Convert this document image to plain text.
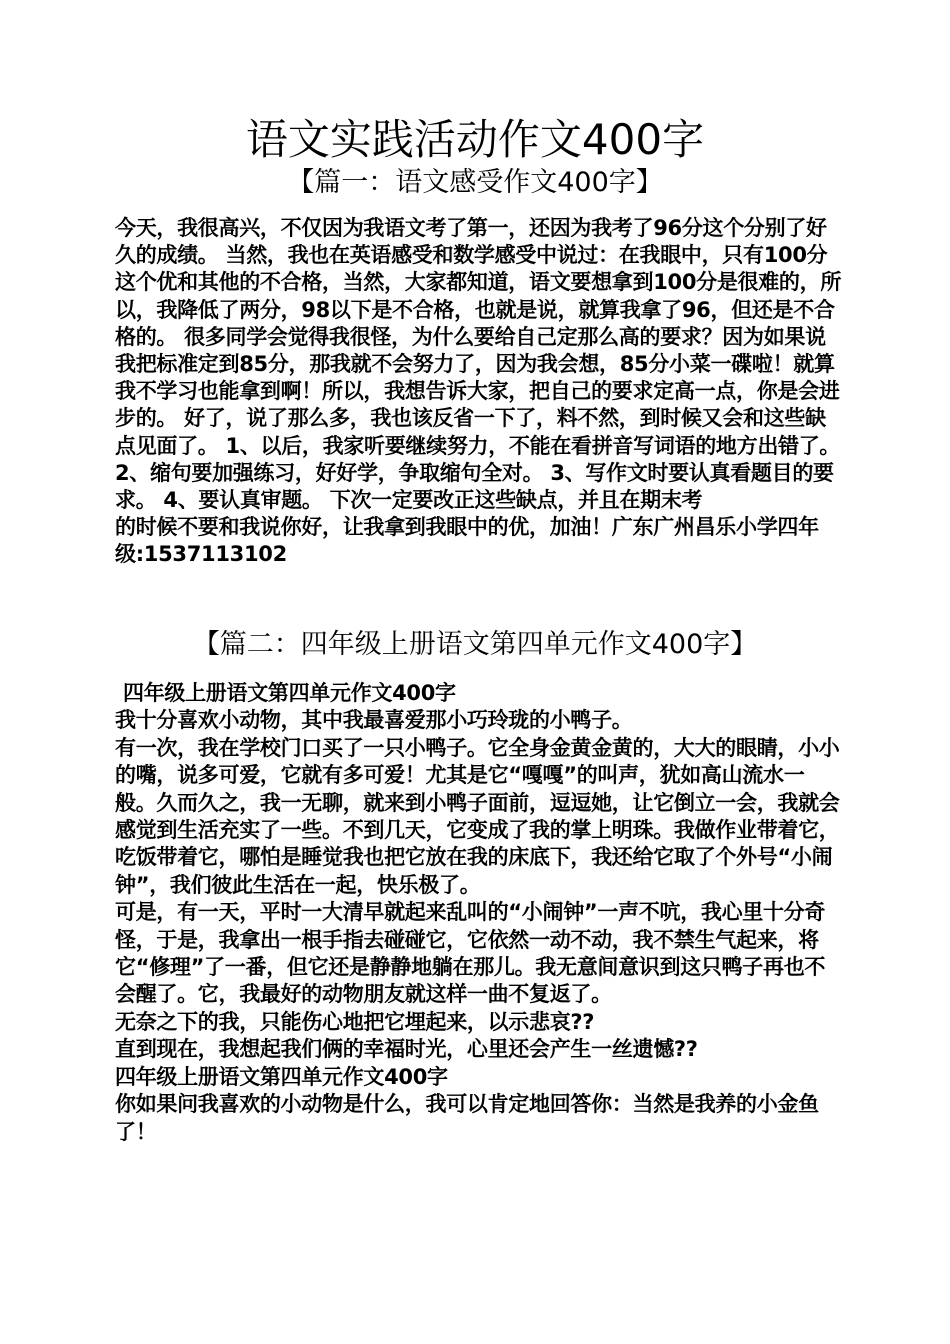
语文实践活动作文400字
【篇一：语文感受作文400字】

今天，我很高兴，不仅因为我语文考了第一，还因为我考了96分这个分别了好久的成绩。 当然，我也在英语感受和数学感受中说过：在我眼中，只有100分这个优和其他的不合格，当然，大家都知道，语文要想拿到100分是很难的，所以，我降低了两分，98以下是不合格，也就是说，就算我拿了96，但还是不合格的。 很多同学会觉得我很怪，为什么要给自己定那么高的要求？因为如果说我把标准定到85分，那我就不会努力了，因为我会想，85分小菜一碟啦！就算我不学习也能拿到啊！所以，我想告诉大家，把自己的要求定高一点，你是会进步的。 好了，说了那么多，我也该反省一下了，料不然，到时候又会和这些缺点见面了。 1、以后，我家听要继续努力，不能在看拼音写词语的地方出错了。 2、缩句要加强练习，好好学，争取缩句全对。 3、写作文时要认真看题目的要求。 4、要认真审题。 下次一定要改正这些缺点，并且在期末考

的时候不要和我说你好，让我拿到我眼中的优，加油！广东广州昌乐小学四年级:1537113102

【篇二：四年级上册语文第四单元作文400字】

四年级上册语文第四单元作文400字

我十分喜欢小动物，其中我最喜爱那小巧玲珑的小鸭子。

有一次，我在学校门口买了一只小鸭子。它全身金黄金黄的，大大的眼睛，小小的嘴，说多可爱，它就有多可爱！尤其是它“嘎嘎”的叫声，犹如高山流水一般。久而久之，我一无聊，就来到小鸭子面前，逗逗她，让它倒立一会，我就会感觉到生活充实了一些。不到几天，它变成了我的掌上明珠。我做作业带着它，吃饭带着它，哪怕是睡觉我也把它放在我的床底下，我还给它取了个外号“小闹钟”，我们彼此生活在一起，快乐极了。

可是，有一天，平时一大清早就起来乱叫的“小闹钟”一声不吭，我心里十分奇怪，于是，我拿出一根手指去碰碰它，它依然一动不动，我不禁生气起来，将它“修理”了一番，但它还是静静地躺在那儿。我无意间意识到这只鸭子再也不会醒了。它，我最好的动物朋友就这样一曲不复返了。

无奈之下的我，只能伤心地把它埋起来，以示悲哀??

直到现在，我想起我们俩的幸福时光，心里还会产生一丝遗憾??

四年级上册语文第四单元作文400字

你如果问我喜欢的小动物是什么，我可以肯定地回答你：当然是我养的小金鱼了！
